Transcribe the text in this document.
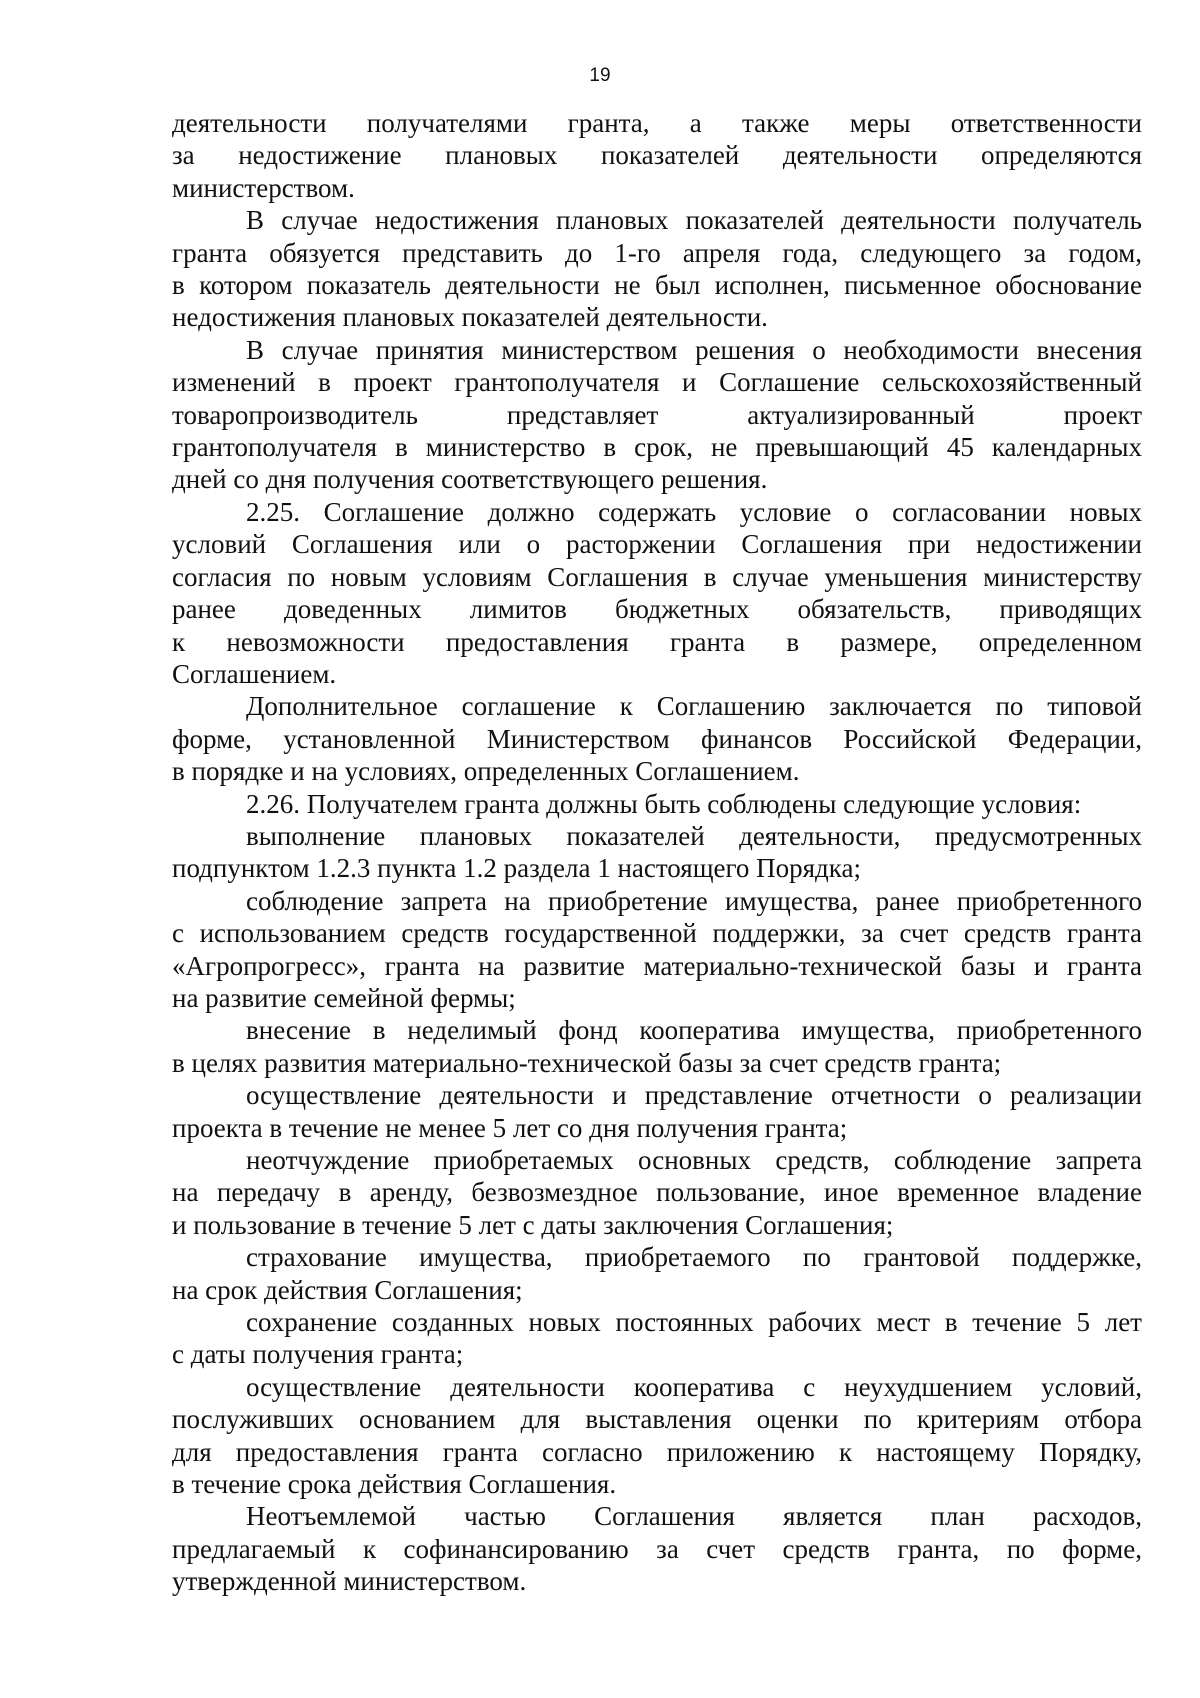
19

деятельности получателями гранта, а также меры ответственности
за недостижение плановых показателей деятельности определяются
министерством.

В случае недостижения плановых показателей деятельности получатель
гранта обязуется представить до 1-го апреля года, следующего за годом,
в котором показатель деятельности не был исполнен, письменное обоснование
недостижения плановых показателей деятельности.

В случае принятия министерством решения о необходимости внесения
изменений в проект грантополучателя и Соглашение сельскохозяйственный
товаропроизводитель представляет актуализированный проект
грантополучателя в министерство в срок, не превышающий 45 календарных
дней со дня получения соответствующего решения.

2.25. Соглашение должно содержать условие о согласовании новых
условий Соглашения или о расторжении Соглашения при недостижении
согласия по новым условиям Соглашения в случае уменьшения министерству
ранее доведенных лимитов бюджетных обязательств, приводящих
к невозможности предоставления гранта в размере, определенном
Соглашением.

Дополнительное соглашение к Соглашению заключается по типовой
форме, установленной Министерством финансов Российской Федерации,
в порядке и на условиях, определенных Соглашением.

2.26. Получателем гранта должны быть соблюдены следующие условия:

выполнение плановых показателей деятельности, предусмотренных
подпунктом 1.2.3 пункта 1.2 раздела 1 настоящего Порядка;

соблюдение запрета на приобретение имущества, ранее приобретенного
с использованием средств государственной поддержки, за счет средств гранта
«Агропрогресс», гранта на развитие материально-технической базы и гранта
на развитие семейной фермы;

внесение в неделимый фонд кооператива имущества, приобретенного
в целях развития материально-технической базы за счет средств гранта;

осуществление деятельности и представление отчетности о реализации
проекта в течение не менее 5 лет со дня получения гранта;

неотчуждение приобретаемых основных средств, соблюдение запрета
на передачу в аренду, безвозмездное пользование, иное временное владение
и пользование в течение 5 лет с даты заключения Соглашения;

страхование имущества, приобретаемого по грантовой поддержке,
на срок действия Соглашения;

сохранение созданных новых постоянных рабочих мест в течение 5 лет
с даты получения гранта;

осуществление деятельности кооператива с неухудшением условий,
послуживших основанием для выставления оценки по критериям отбора
для предоставления гранта согласно приложению к настоящему Порядку,
в течение срока действия Соглашения.

Неотъемлемой частью Соглашения является план расходов,
предлагаемый к софинансированию за счет средств гранта, по форме,
утвержденной министерством.
